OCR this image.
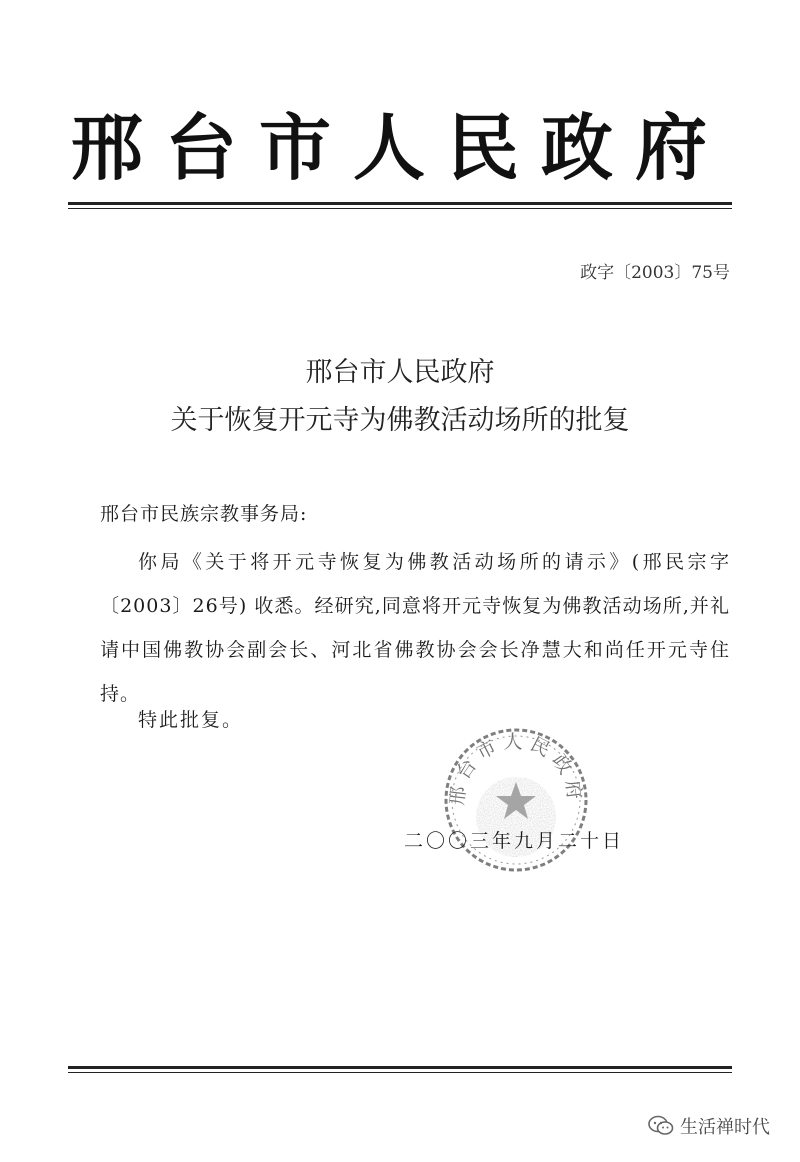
邢台市人民政府
政字〔2003〕75号
邢台市人民政府
关于恢复开元寺为佛教活动场所的批复
邢台市民族宗教事务局:
你局《关于将开元寺恢复为佛教活动场所的请示》(邢民宗字〔2003〕26号) 收悉。经研究,同意将开元寺恢复为佛教活动场所,并礼请中国佛教协会副会长、河北省佛教协会会长净慧大和尚任开元寺住持。
特此批复。
邢台市人民政府
二〇〇三年九月二十日
生活禅时代
